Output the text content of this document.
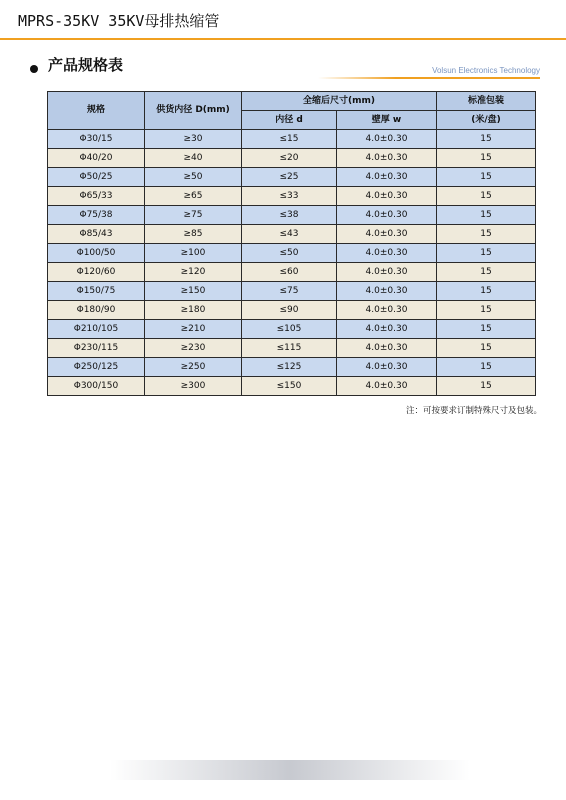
MPRS-35KV 35KV母排热缩管
产品规格表	Volsun Electronics Technology
规格	供货内径 D(mm)	全缩后尺寸(mm)		标准包装
		内径 d	壁厚 w	(米/盘)
Φ30/15	≥30	≤15	4.0±0.30	15
Φ40/20	≥40	≤20	4.0±0.30	15
Φ50/25	≥50	≤25	4.0±0.30	15
Φ65/33	≥65	≤33	4.0±0.30	15
Φ75/38	≥75	≤38	4.0±0.30	15
Φ85/43	≥85	≤43	4.0±0.30	15
Φ100/50	≥100	≤50	4.0±0.30	15
Φ120/60	≥120	≤60	4.0±0.30	15
Φ150/75	≥150	≤75	4.0±0.30	15
Φ180/90	≥180	≤90	4.0±0.30	15
Φ210/105	≥210	≤105	4.0±0.30	15
Φ230/115	≥230	≤115	4.0±0.30	15
Φ250/125	≥250	≤125	4.0±0.30	15
Φ300/150	≥300	≤150	4.0±0.30	15
注：可按要求订制特殊尺寸及包装。
